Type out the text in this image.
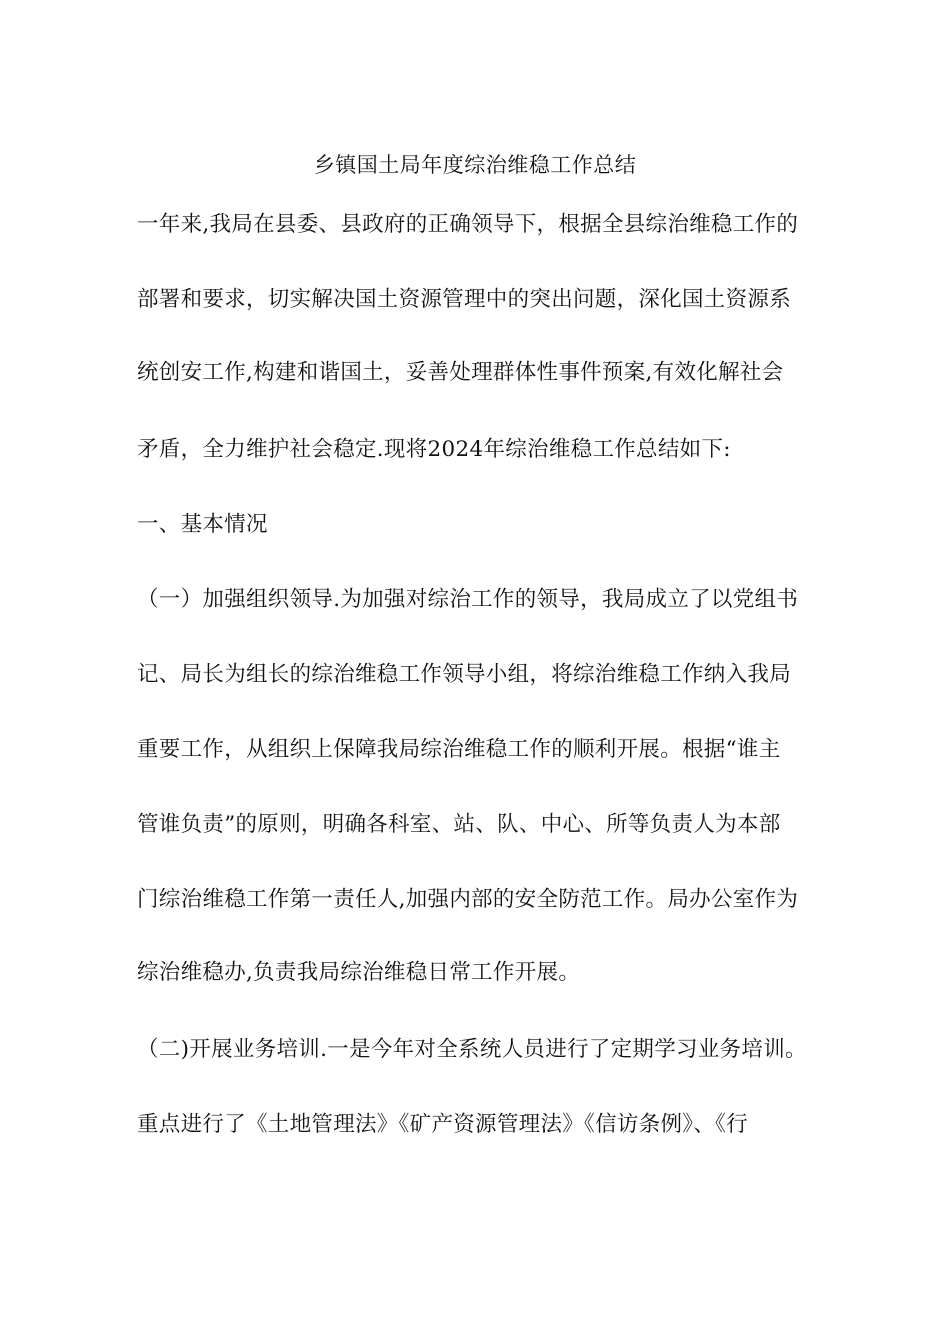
乡镇国土局年度综治维稳工作总结
一年来,我局在县委、县政府的正确领导下，根据全县综治维稳工作的
部署和要求，切实解决国土资源管理中的突出问题，深化国土资源系
统创安工作,构建和谐国土，妥善处理群体性事件预案,有效化解社会
矛盾，全力维护社会稳定.现将2024年综治维稳工作总结如下:
一、基本情况
（一）加强组织领导.为加强对综治工作的领导，我局成立了以党组书
记、局长为组长的综治维稳工作领导小组，将综治维稳工作纳入我局
重要工作，从组织上保障我局综治维稳工作的顺利开展。根据“谁主
管谁负责”的原则，明确各科室、站、队、中心、所等负责人为本部
门综治维稳工作第一责任人,加强内部的安全防范工作。局办公室作为
综治维稳办,负责我局综治维稳日常工作开展。
（二)开展业务培训.一是今年对全系统人员进行了定期学习业务培训。
重点进行了《土地管理法》《矿产资源管理法》《信访条例》、《行
